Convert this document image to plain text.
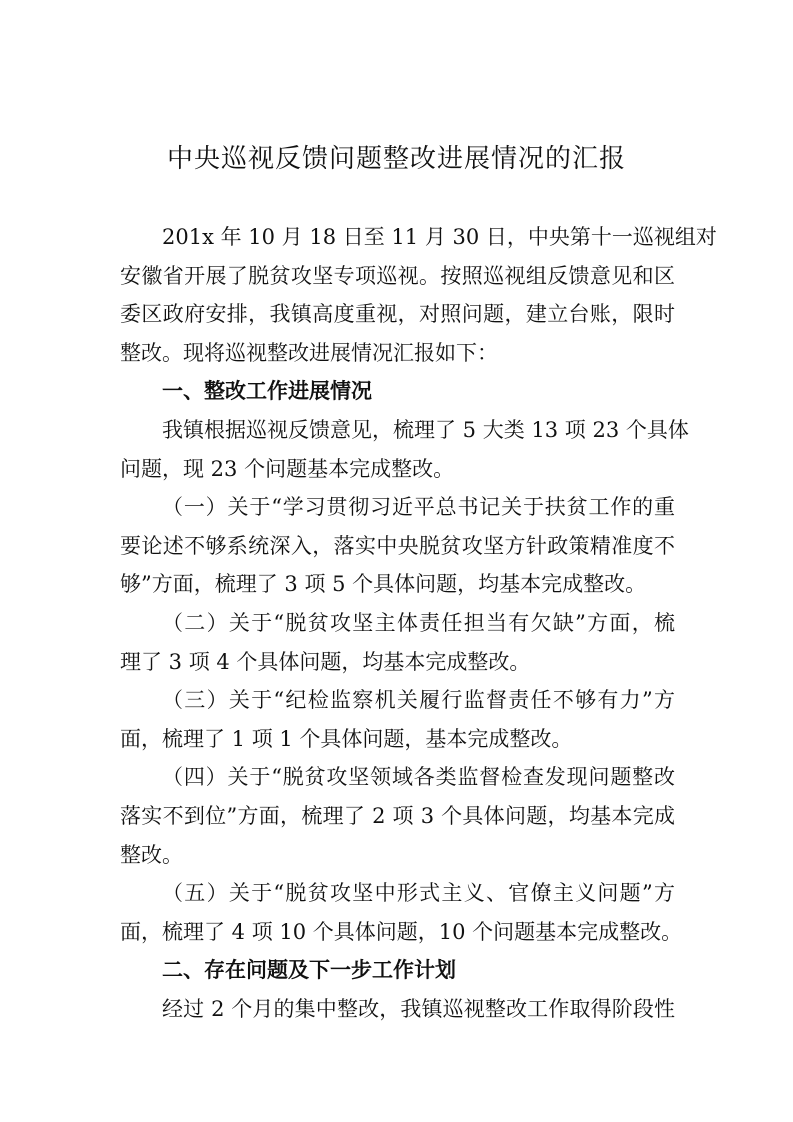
中央巡视反馈问题整改进展情况的汇报
201x 年 10 月 18 日至 11 月 30 日，中央第十一巡视组对
安徽省开展了脱贫攻坚专项巡视。按照巡视组反馈意见和区
委区政府安排，我镇高度重视，对照问题，建立台账，限时
整改。现将巡视整改进展情况汇报如下：
一、整改工作进展情况
我镇根据巡视反馈意见，梳理了 5 大类 13 项 23 个具体
问题，现 23 个问题基本完成整改。
（一）关于“学习贯彻习近平总书记关于扶贫工作的重
要论述不够系统深入，落实中央脱贫攻坚方针政策精准度不
够”方面，梳理了 3 项 5 个具体问题，均基本完成整改。
（二）关于“脱贫攻坚主体责任担当有欠缺”方面，梳
理了 3 项 4 个具体问题，均基本完成整改。
（三）关于“纪检监察机关履行监督责任不够有力”方
面，梳理了 1 项 1 个具体问题，基本完成整改。
（四）关于“脱贫攻坚领域各类监督检查发现问题整改
落实不到位”方面，梳理了 2 项 3 个具体问题，均基本完成
整改。
（五）关于“脱贫攻坚中形式主义、官僚主义问题”方
面，梳理了 4 项 10 个具体问题，10 个问题基本完成整改。
二、存在问题及下一步工作计划
经过 2 个月的集中整改，我镇巡视整改工作取得阶段性
